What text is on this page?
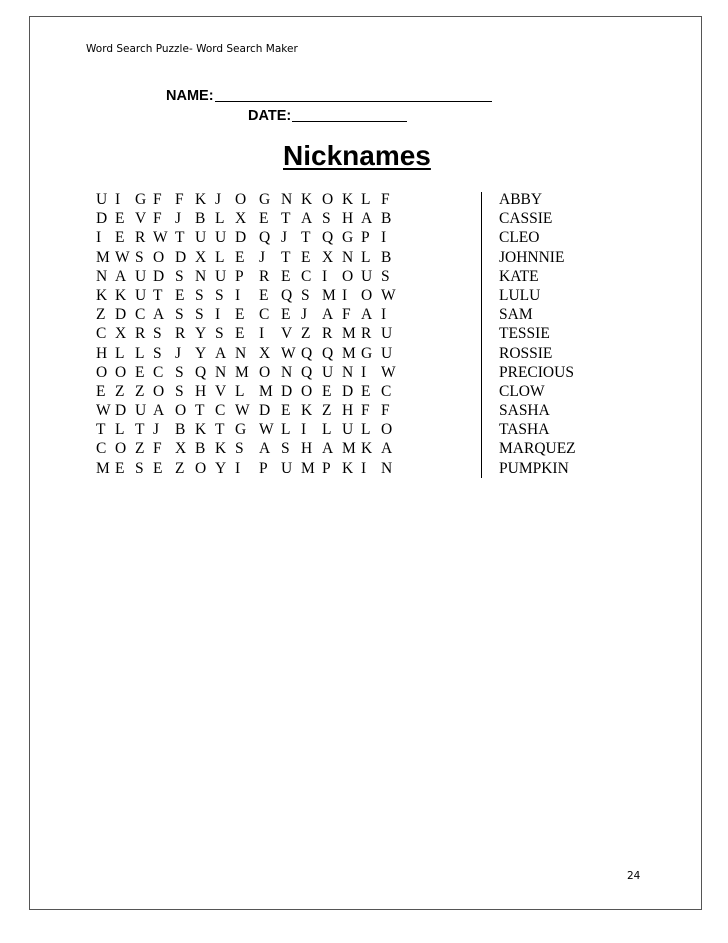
Word Search Puzzle- Word Search Maker
NAME:
DATE:
Nicknames
U I G F F K J O G N K O K L F
D E V F J B L X E T A S H A B
I E R W T U U D Q J T Q G P I
M W S O D X L E J T E X N L B
N A U D S N U P R E C I O U S
K K U T E S S I E Q S M I O W
Z D C A S S I E C E J A F A I
C X R S R Y S E I V Z R M R U
H L L S J Y A N X W Q Q M G U
O O E C S Q N M O N Q U N I W
E Z Z O S H V L M D O E D E C
W D U A O T C W D E K Z H F F
T L T J B K T G W L I L U L O
C O Z F X B K S A S H A M K A
M E S E Z O Y I P U M P K I N
ABBY
CASSIE
CLEO
JOHNNIE
KATE
LULU
SAM
TESSIE
ROSSIE
PRECIOUS
CLOW
SASHA
TASHA
MARQUEZ
PUMPKIN
24
